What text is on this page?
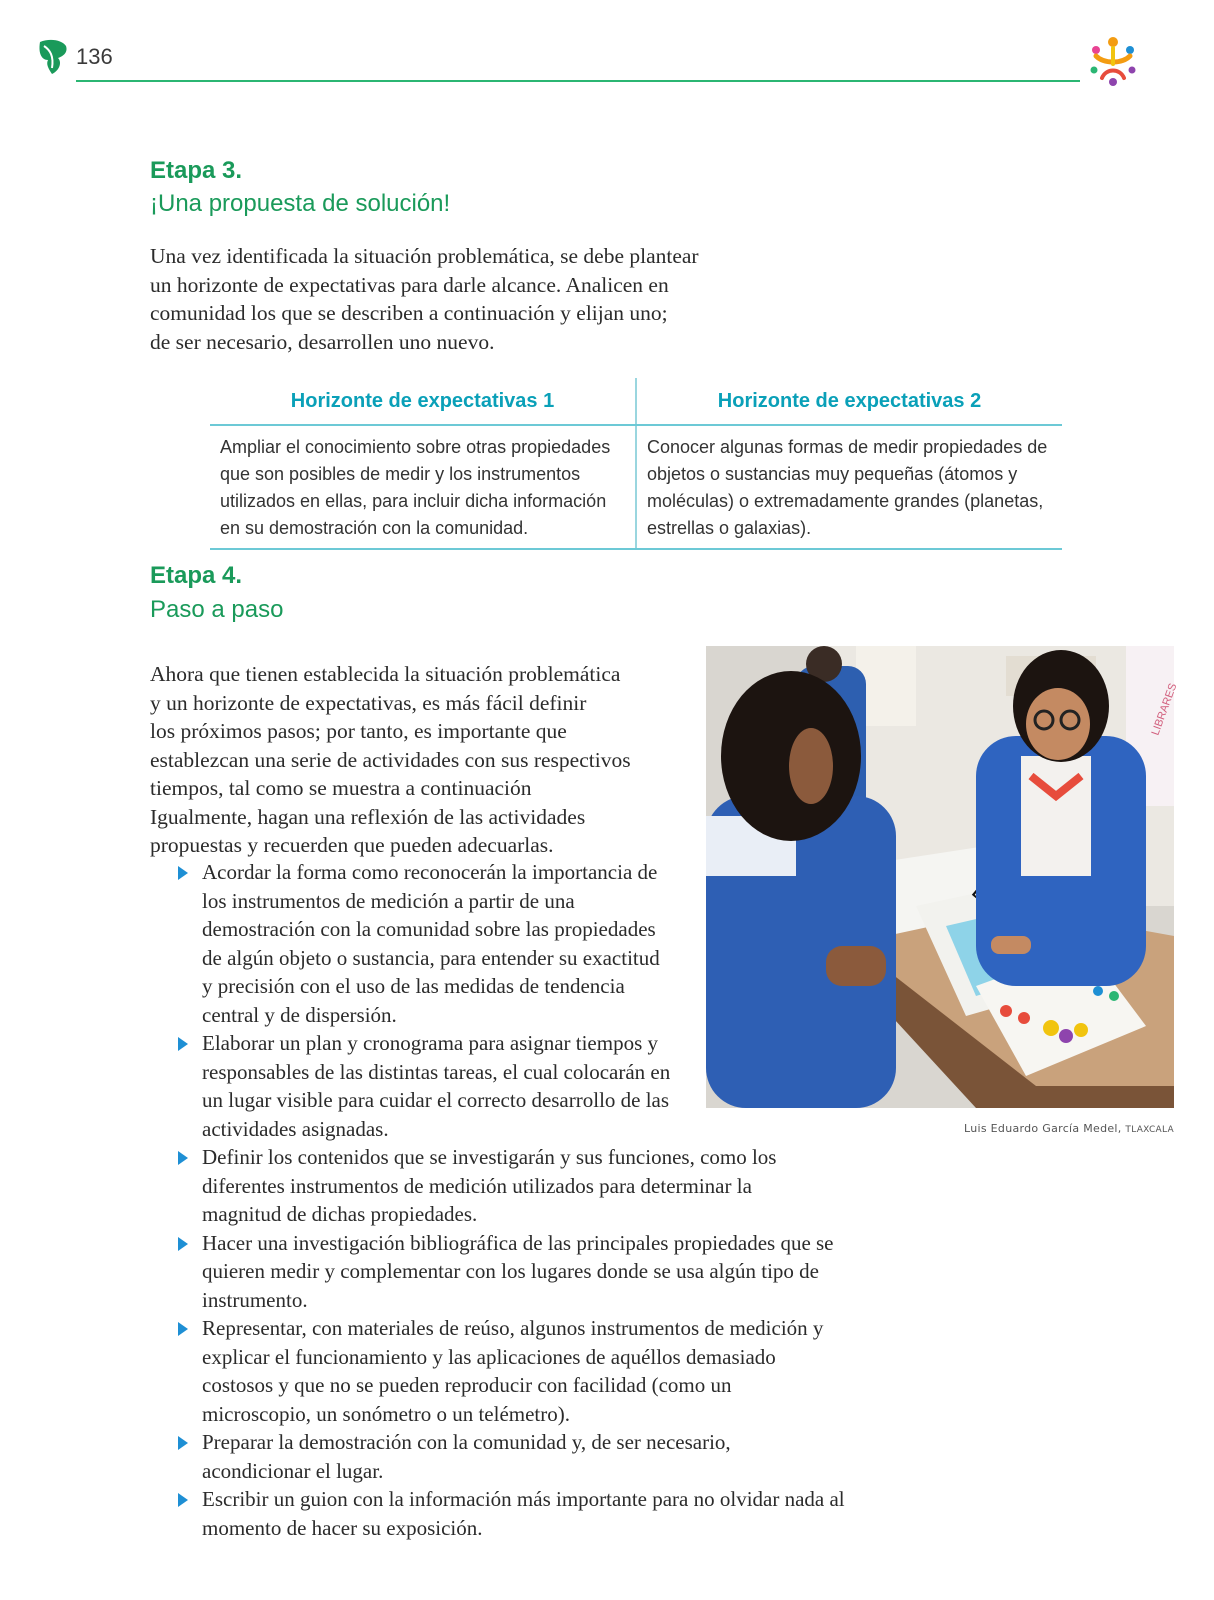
136
Etapa 3.
¡Una propuesta de solución!
Una vez identificada la situación problemática, se debe plantear
un horizonte de expectativas para darle alcance. Analicen en
comunidad los que se describen a continuación y elijan uno;
de ser necesario, desarrollen uno nuevo.
Horizonte de expectativas 1	Horizonte de expectativas 2
Ampliar el conocimiento sobre otras propiedades que son posibles de medir y los instrumentos utilizados en ellas, para incluir dicha información en su demostración con la comunidad.	Conocer algunas formas de medir propiedades de objetos o sustancias muy pequeñas (átomos y moléculas) o extremadamente grandes (planetas, estrellas o galaxias).
Etapa 4.
Paso a paso
Ahora que tienen establecida la situación problemática
y un horizonte de expectativas, es más fácil definir
los próximos pasos; por tanto, es importante que
establezcan una serie de actividades con sus respectivos
tiempos, tal como se muestra a continuación
Igualmente, hagan una reflexión de las actividades
propuestas y recuerden que pueden adecuarlas.
Acordar la forma como reconocerán la importancia de los instrumentos de medición a partir de una demostración con la comunidad sobre las propiedades de algún objeto o sustancia, para entender su exactitud y precisión con el uso de las medidas de tendencia central y de dispersión.
Elaborar un plan y cronograma para asignar tiempos y responsables de las distintas tareas, el cual colocarán en un lugar visible para cuidar el correcto desarrollo de las actividades asignadas.
Definir los contenidos que se investigarán y sus funciones, como los diferentes instrumentos de medición utilizados para determinar la magnitud de dichas propiedades.
Hacer una investigación bibliográfica de las principales propiedades que se quieren medir y complementar con los lugares donde se usa algún tipo de instrumento.
Representar, con materiales de reúso, algunos instrumentos de medición y explicar el funcionamiento y las aplicaciones de aquéllos demasiado costosos y que no se pueden reproducir con facilidad (como un microscopio, un sonómetro o un telémetro).
Preparar la demostración con la comunidad y, de ser necesario, acondicionar el lugar.
Escribir un guion con la información más importante para no olvidar nada al momento de hacer su exposición.
LIBRARES
Luis Eduardo García Medel, TLAXCALA
